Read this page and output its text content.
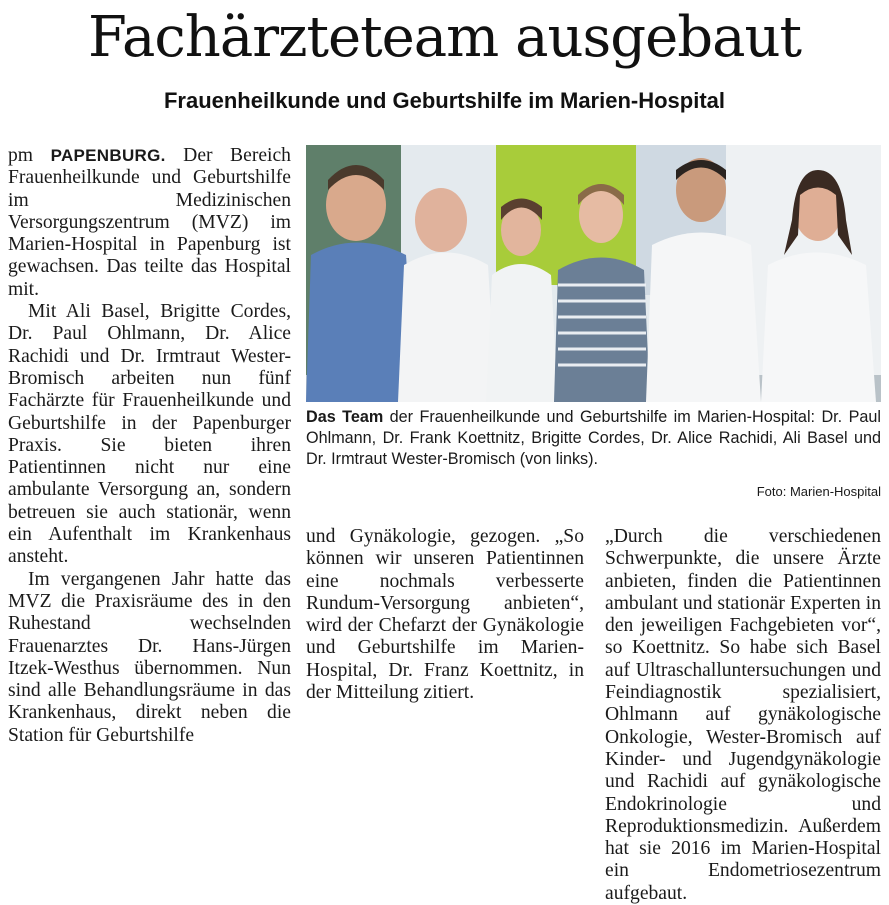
Fachärzteteam ausgebaut
Frauenheilkunde und Geburtshilfe im Marien-Hospital

pm PAPENBURG. Der Bereich Frauenheilkunde und Geburtshilfe im Medizinischen Versorgungszentrum (MVZ) im Marien-Hospital in Papenburg ist gewachsen. Das teilte das Hospital mit.

Mit Ali Basel, Brigitte Cordes, Dr. Paul Ohlmann, Dr. Alice Rachidi und Dr. Irmtraut Wester-Bromisch arbeiten nun fünf Fachärzte für Frauenheilkunde und Geburtshilfe in der Papenburger Praxis. Sie bieten ihren Patientinnen nicht nur eine ambulante Versorgung an, sondern betreuen sie auch stationär, wenn ein Aufenthalt im Krankenhaus ansteht.

Im vergangenen Jahr hatte das MVZ die Praxisräume des in den Ruhestand wechselnden Frauenarztes Dr. Hans-Jürgen Itzek-Westhus übernommen. Nun sind alle Behandlungsräume in das Krankenhaus, direkt neben die Station für Geburtshilfe

Das Team der Frauenheilkunde und Geburtshilfe im Marien-Hospital: Dr. Paul Ohlmann, Dr. Frank Koettnitz, Brigitte Cordes, Dr. Alice Rachidi, Ali Basel und Dr. Irmtraut Wester-Bromisch (von links).
Foto: Marien-Hospital

und Gynäkologie, gezogen. „So können wir unseren Patientinnen eine nochmals verbesserte Rundum-Versorgung anbieten“, wird der Chefarzt der Gynäkologie und Geburtshilfe im Marien-Hospital, Dr. Franz Koettnitz, in der Mitteilung zitiert.

„Durch die verschiedenen Schwerpunkte, die unsere Ärzte anbieten, finden die Patientinnen ambulant und stationär Experten in den jeweiligen Fachgebieten vor“, so Koettnitz. So habe sich Basel auf Ultraschalluntersuchungen und Feindiagnostik spezialisiert, Ohlmann auf gynäkologische Onkologie, Wester-Bromisch auf Kinder- und Jugendgynäkologie und Rachidi auf gynäkologische Endokrinologie und Reproduktionsmedizin. Außerdem hat sie 2016 im Marien-Hospital ein Endometriosezentrum aufgebaut.
